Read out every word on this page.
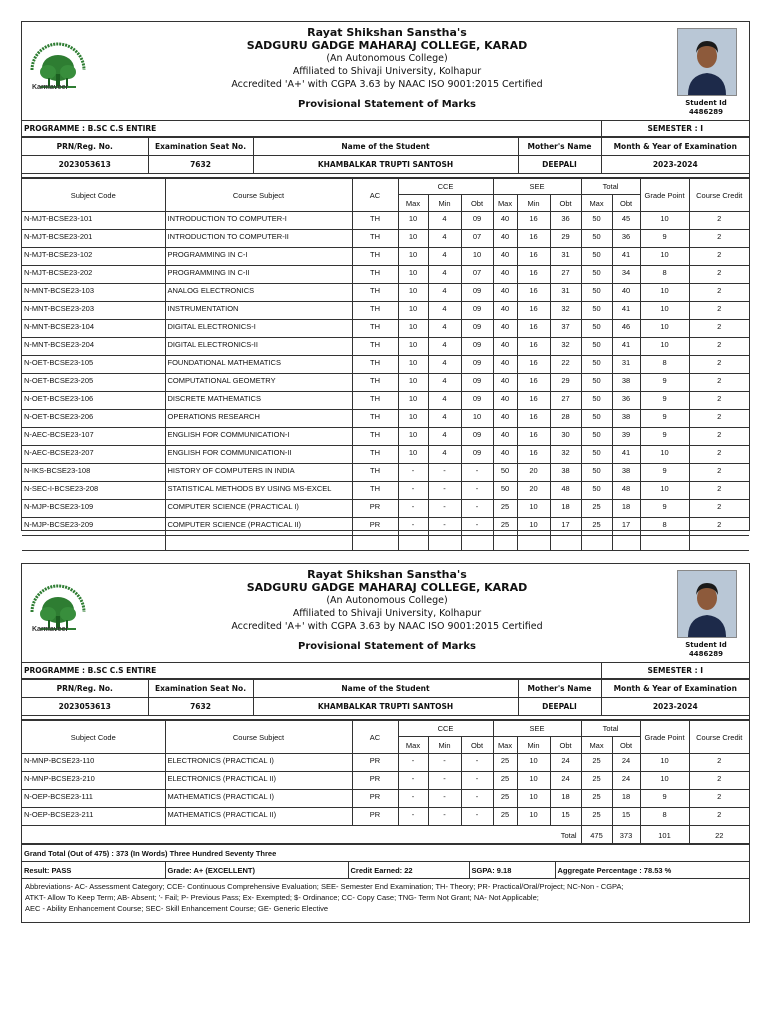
Karmaveer
Rayat Shikshan Sanstha's
SADGURU GADGE MAHARAJ COLLEGE, KARAD
(An Autonomous College)
Affiliated to Shivaji University, Kolhapur
Accredited 'A+' with CGPA 3.63 by NAAC ISO 9001:2015 Certified
Provisional Statement of Marks	Student Id
4486289
PROGRAMME : B.SC C.S ENTIRE	SEMESTER : I
PRN/Reg. No.	Examination Seat No.	Name of the Student	Mother's Name	Month & Year of Examination
2023053613	7632	KHAMBALKAR TRUPTI SANTOSH	DEEPALI	2023-2024
Subject Code	Course Subject	AC	CCE			SEE			Total		Grade Point	Course Credit

			Max	Min	Obt	Max	Min	Obt	Max	Obt		
N-MJT-BCSE23-101	INTRODUCTION TO COMPUTER-I	TH	10	4	09	40	16	36	50	45	10	2
N-MJT-BCSE23-201	INTRODUCTION TO COMPUTER-II	TH	10	4	07	40	16	29	50	36	9	2
N-MJT-BCSE23-102	PROGRAMMING IN C-I	TH	10	4	10	40	16	31	50	41	10	2
N-MJT-BCSE23-202	PROGRAMMING IN C-II	TH	10	4	07	40	16	27	50	34	8	2
N-MNT-BCSE23-103	ANALOG ELECTRONICS	TH	10	4	09	40	16	31	50	40	10	2
N-MNT-BCSE23-203	INSTRUMENTATION	TH	10	4	09	40	16	32	50	41	10	2
N-MNT-BCSE23-104	DIGITAL ELECTRONICS-I	TH	10	4	09	40	16	37	50	46	10	2
N-MNT-BCSE23-204	DIGITAL ELECTRONICS-II	TH	10	4	09	40	16	32	50	41	10	2
N-OET-BCSE23-105	FOUNDATIONAL MATHEMATICS	TH	10	4	09	40	16	22	50	31	8	2
N-OET-BCSE23-205	COMPUTATIONAL GEOMETRY	TH	10	4	09	40	16	29	50	38	9	2
N-OET-BCSE23-106	DISCRETE MATHEMATICS	TH	10	4	09	40	16	27	50	36	9	2
N-OET-BCSE23-206	OPERATIONS RESEARCH	TH	10	4	10	40	16	28	50	38	9	2
N-AEC-BCSE23-107	ENGLISH FOR COMMUNICATION-I	TH	10	4	09	40	16	30	50	39	9	2
N-AEC-BCSE23-207	ENGLISH FOR COMMUNICATION-II	TH	10	4	09	40	16	32	50	41	10	2
N-IKS-BCSE23-108	HISTORY OF COMPUTERS IN INDIA	TH	-	-	-	50	20	38	50	38	9	2
N-SEC-I-BCSE23-208	STATISTICAL METHODS BY USING MS-EXCEL	TH	-	-	-	50	20	48	50	48	10	2
N-MJP-BCSE23-109	COMPUTER SCIENCE (PRACTICAL I)	PR	-	-	-	25	10	18	25	18	9	2
N-MJP-BCSE23-209	COMPUTER SCIENCE (PRACTICAL II)	PR	-	-	-	25	10	17	25	17	8	2

Karmaveer
Rayat Shikshan Sanstha's
SADGURU GADGE MAHARAJ COLLEGE, KARAD
(An Autonomous College)
Affiliated to Shivaji University, Kolhapur
Accredited 'A+' with CGPA 3.63 by NAAC ISO 9001:2015 Certified
Provisional Statement of Marks	Student Id
4486289
PROGRAMME : B.SC C.S ENTIRE	SEMESTER : I
PRN/Reg. No.	Examination Seat No.	Name of the Student	Mother's Name	Month & Year of Examination
2023053613	7632	KHAMBALKAR TRUPTI SANTOSH	DEEPALI	2023-2024
Subject Code	Course Subject	AC	CCE			SEE			Total		Grade Point	Course Credit

			Max	Min	Obt	Max	Min	Obt	Max	Obt		
N-MNP-BCSE23-110	ELECTRONICS (PRACTICAL I)	PR	-	-	-	25	10	24	25	24	10	2
N-MNP-BCSE23-210	ELECTRONICS (PRACTICAL II)	PR	-	-	-	25	10	24	25	24	10	2
N-OEP-BCSE23-111	MATHEMATICS (PRACTICAL I)	PR	-	-	-	25	10	18	25	18	9	2
N-OEP-BCSE23-211	MATHEMATICS (PRACTICAL II)	PR	-	-	-	25	10	15	25	15	8	2
Total									475	373	101	22
Grand Total (Out of 475) : 373 (In Words) Three Hundred Seventy Three
Result: PASS	Grade: A+ (EXCELLENT)	Credit Earned: 22	SGPA: 9.18	Aggregate Percentage : 78.53 %
Abbreviations- AC- Assessment Category; CCE- Continuous Comprehensive Evaluation; SEE- Semester End Examination; TH- Theory; PR- Practical/Oral/Project; NC-Non - CGPA;
ATKT- Allow To Keep Term; AB- Absent; '- Fail; P- Previous Pass; Ex- Exempted; $- Ordinance; CC- Copy Case; TNG- Term Not Grant; NA- Not Applicable;
AEC - Ability Enhancement Course; SEC- Skill Enhancement Course; GE- Generic Elective
